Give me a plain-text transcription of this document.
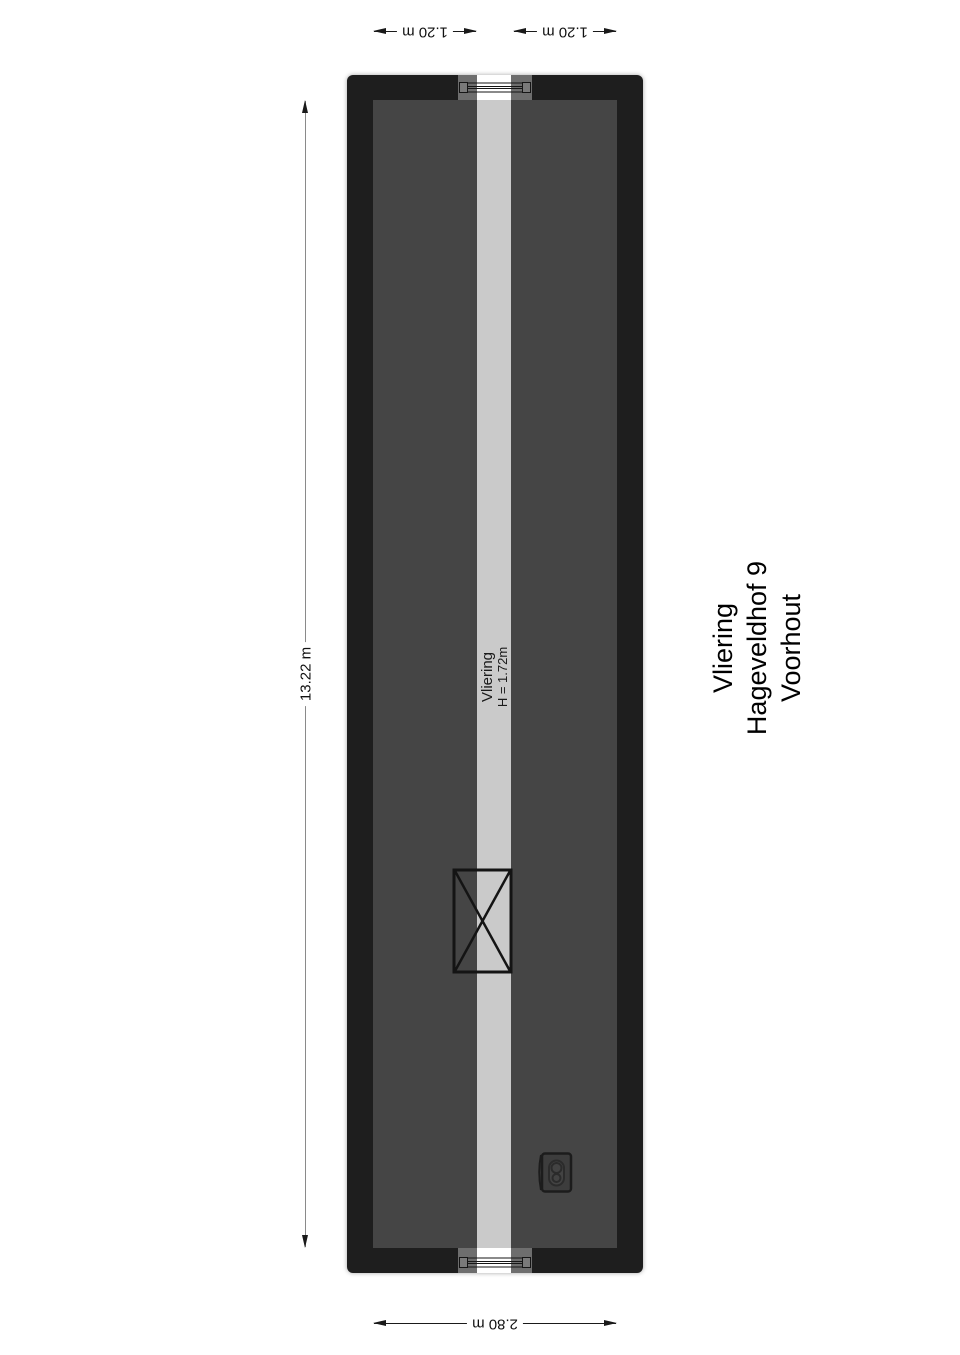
1.20 m	1.20 m
2.80 m
13.22 m	Vliering H = 1.72m	Vliering Hageveldhof 9 Voorhout
